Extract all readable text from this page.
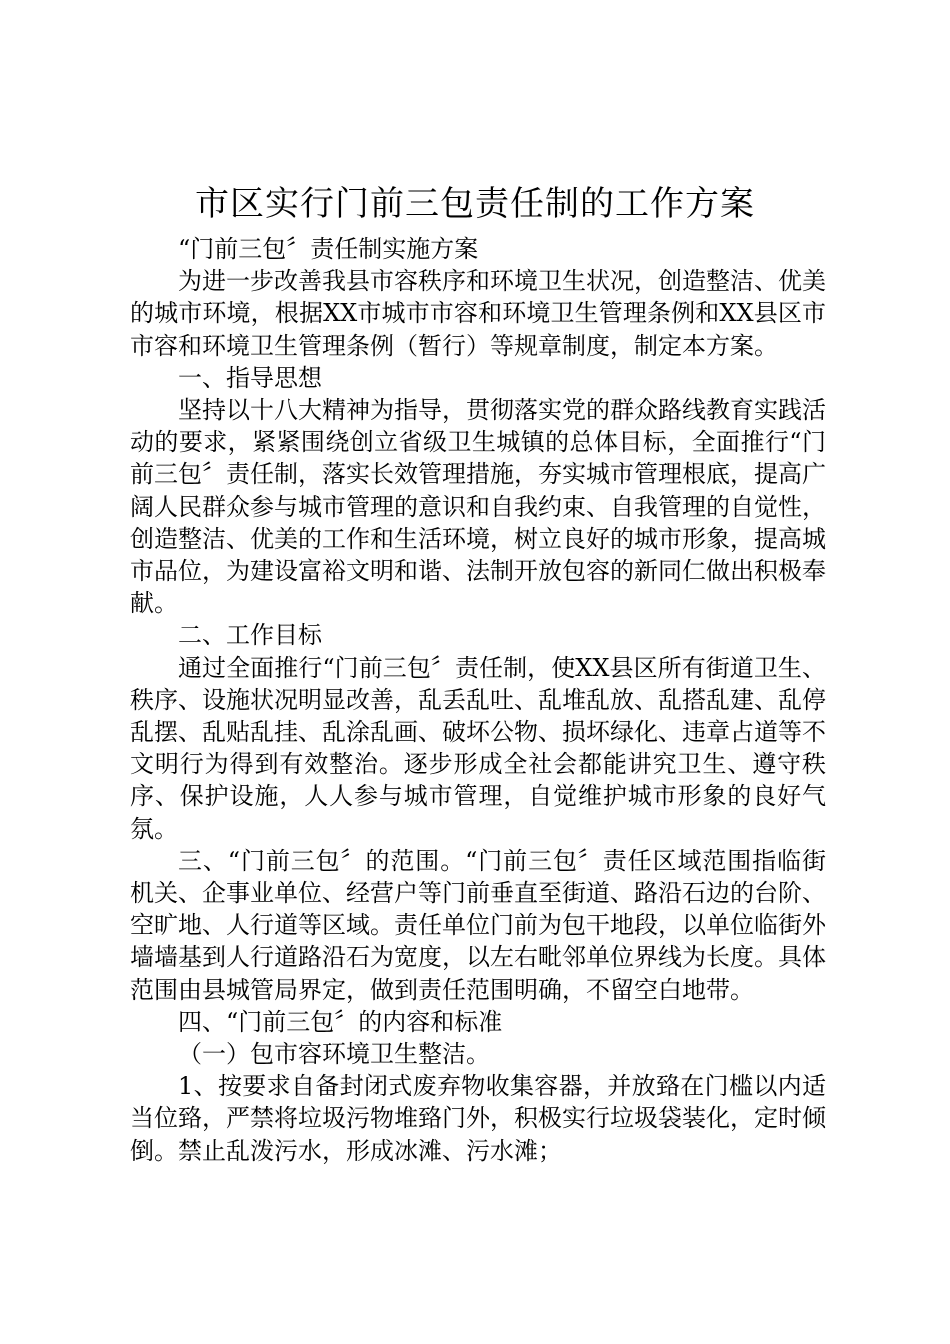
市区实行门前三包责任制的工作方案

“门前三包〞责任制实施方案

为进一步改善我县市容秩序和环境卫生状况，创造整洁、优美的城市环境，根据XX市城市市容和环境卫生管理条例和XX县区市市容和环境卫生管理条例（暂行）等规章制度，制定本方案。

一、指导思想

坚持以十八大精神为指导，贯彻落实党的群众路线教育实践活动的要求，紧紧围绕创立省级卫生城镇的总体目标，全面推行“门前三包〞责任制，落实长效管理措施，夯实城市管理根底，提高广阔人民群众参与城市管理的意识和自我约束、自我管理的自觉性，创造整洁、优美的工作和生活环境，树立良好的城市形象，提高城市品位，为建设富裕文明和谐、法制开放包容的新同仁做出积极奉献。

二、工作目标

通过全面推行“门前三包〞责任制，使XX县区所有街道卫生、秩序、设施状况明显改善，乱丢乱吐、乱堆乱放、乱搭乱建、乱停乱摆、乱贴乱挂、乱涂乱画、破坏公物、损坏绿化、违章占道等不文明行为得到有效整治。逐步形成全社会都能讲究卫生、遵守秩序、保护设施，人人参与城市管理，自觉维护城市形象的良好气氛。

三、“门前三包〞的范围。“门前三包〞责任区域范围指临街机关、企事业单位、经营户等门前垂直至街道、路沿石边的台阶、空旷地、人行道等区域。责任单位门前为包干地段，以单位临街外墙墙基到人行道路沿石为宽度，以左右毗邻单位界线为长度。具体范围由县城管局界定，做到责任范围明确，不留空白地带。

四、“门前三包〞的内容和标准

（一）包市容环境卫生整洁。

1、按要求自备封闭式废弃物收集容器，并放臵在门槛以内适当位臵，严禁将垃圾污物堆臵门外，积极实行垃圾袋装化，定时倾倒。禁止乱泼污水，形成冰滩、污水滩；
